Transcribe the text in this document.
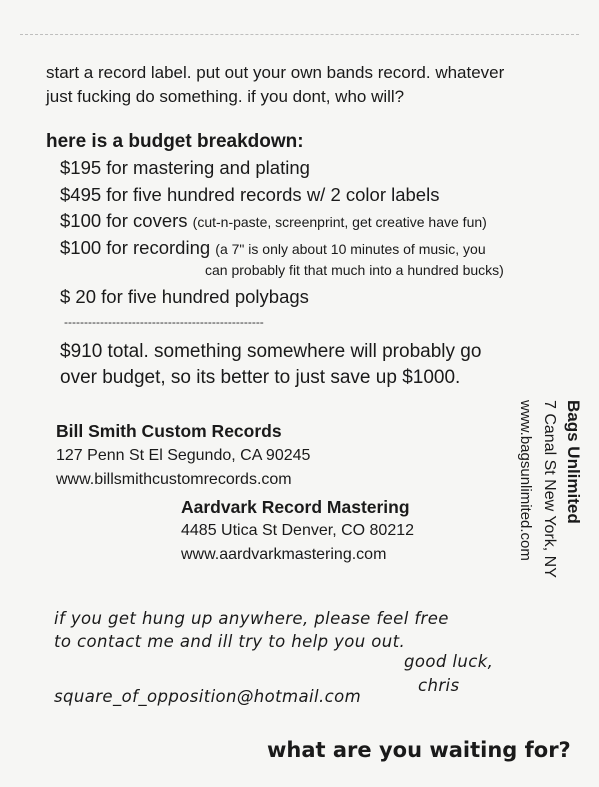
start a record label. put out your own bands record. whatever
just fucking do something. if you dont, who will?
here is a budget breakdown:
$195 for mastering and plating
$495 for five hundred records w/ 2 color labels
$100 for covers (cut-n-paste, screenprint, get creative have fun)
$100 for recording (a 7" is only about 10 minutes of music, you
can probably fit that much into a hundred bucks)
$ 20 for five hundred polybags
--------------------------------------------------
$910 total. something somewhere will probably go
over budget, so its better to just save up $1000.
Bill Smith Custom Records
127 Penn St El Segundo, CA 90245
www.billsmithcustomrecords.com
Aardvark Record Mastering
4485 Utica St Denver, CO 80212
www.aardvarkmastering.com
Bags Unlimited
7 Canal St New York, NY
www.bagsunlimited.com
if you get hung up anywhere, please feel free
to contact me and ill try to help you out.
good luck,
chris
square_of_opposition@hotmail.com
what are you waiting for?
